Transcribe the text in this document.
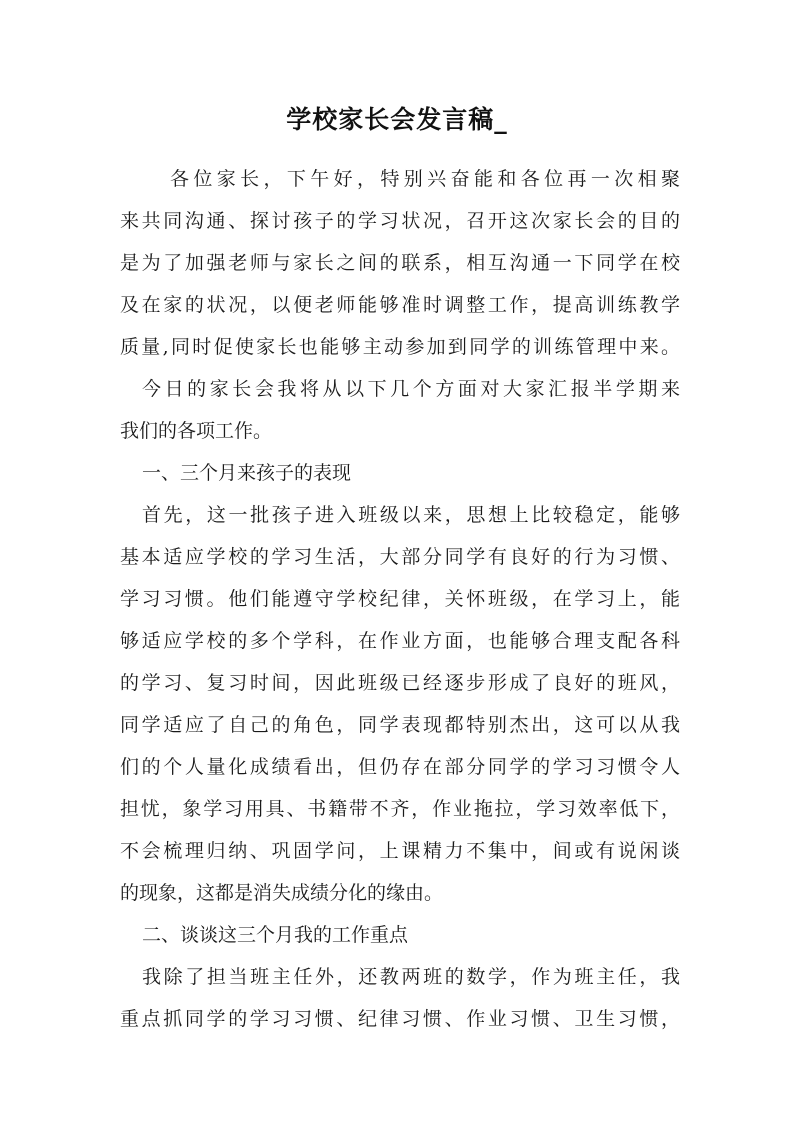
学校家长会发言稿_
各位家长，下午好，特别兴奋能和各位再一次相聚
来共同沟通、探讨孩子的学习状况，召开这次家长会的目的
是为了加强老师与家长之间的联系，相互沟通一下同学在校
及在家的状况，以便老师能够准时调整工作，提高训练教学
质量,同时促使家长也能够主动参加到同学的训练管理中来。
今日的家长会我将从以下几个方面对大家汇报半学期来
我们的各项工作。
一、三个月来孩子的表现
首先，这一批孩子进入班级以来，思想上比较稳定，能够
基本适应学校的学习生活，大部分同学有良好的行为习惯、
学习习惯。他们能遵守学校纪律，关怀班级，在学习上，能
够适应学校的多个学科，在作业方面，也能够合理支配各科
的学习、复习时间，因此班级已经逐步形成了良好的班风，
同学适应了自己的角色，同学表现都特别杰出，这可以从我
们的个人量化成绩看出，但仍存在部分同学的学习习惯令人
担忧，象学习用具、书籍带不齐，作业拖拉，学习效率低下，
不会梳理归纳、巩固学问，上课精力不集中，间或有说闲谈
的现象，这都是消失成绩分化的缘由。
二、谈谈这三个月我的工作重点
我除了担当班主任外，还教两班的数学，作为班主任，我
重点抓同学的学习习惯、纪律习惯、作业习惯、卫生习惯，
